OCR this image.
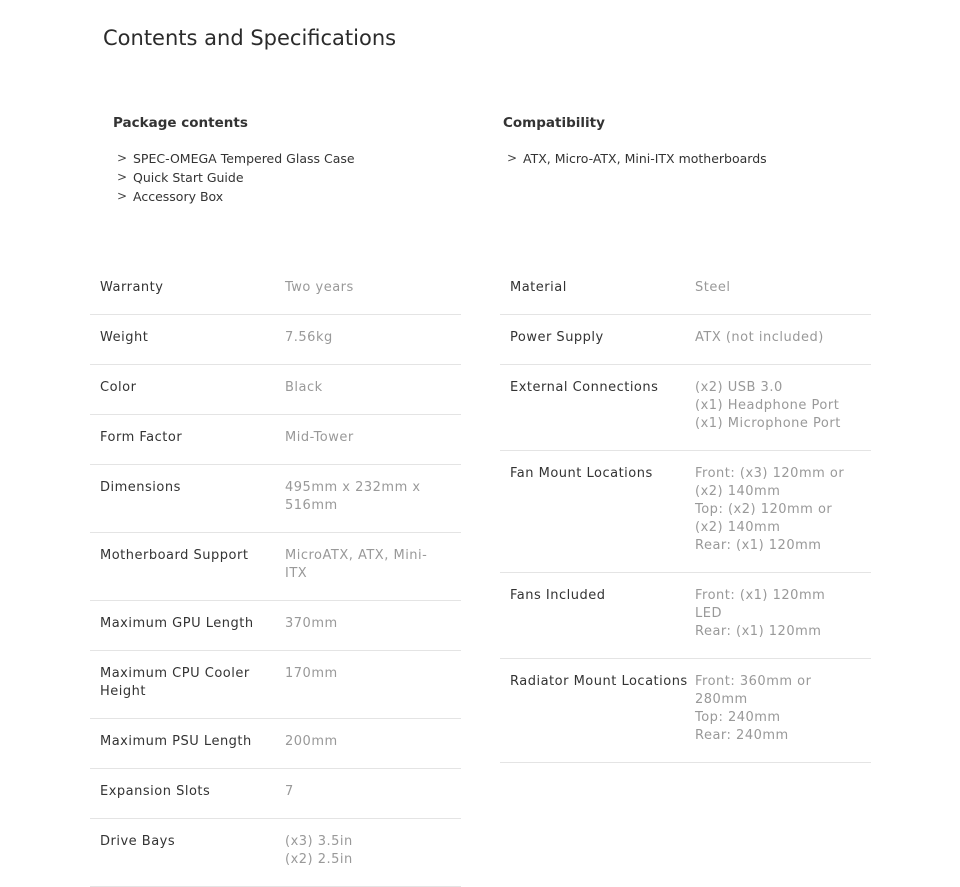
Contents and Specifications
Package contents
> SPEC-OMEGA Tempered Glass Case
> Quick Start Guide
> Accessory Box
Compatibility
> ATX, Micro-ATX, Mini-ITX motherboards
Warranty	Two years

Weight	7.56kg

Color	Black

Form Factor	Mid-Tower

Dimensions	495mm x 232mm x 516mm

Motherboard Support	MicroATX, ATX, Mini-ITX

Maximum GPU Length	370mm

Maximum CPU Cooler Height	170mm

Maximum PSU Length	200mm

Expansion Slots	7

Drive Bays	(x3) 3.5in
(x2) 2.5in
Material	Steel

Power Supply	ATX (not included)

External Connections	(x2) USB 3.0
(x1) Headphone Port
(x1) Microphone Port

Fan Mount Locations	Front: (x3) 120mm or (x2) 140mm
Top: (x2) 120mm or (x2) 140mm
Rear: (x1) 120mm

Fans Included	Front: (x1) 120mm LED
Rear: (x1) 120mm

Radiator Mount Locations	Front: 360mm or 280mm
Top: 240mm
Rear: 240mm
